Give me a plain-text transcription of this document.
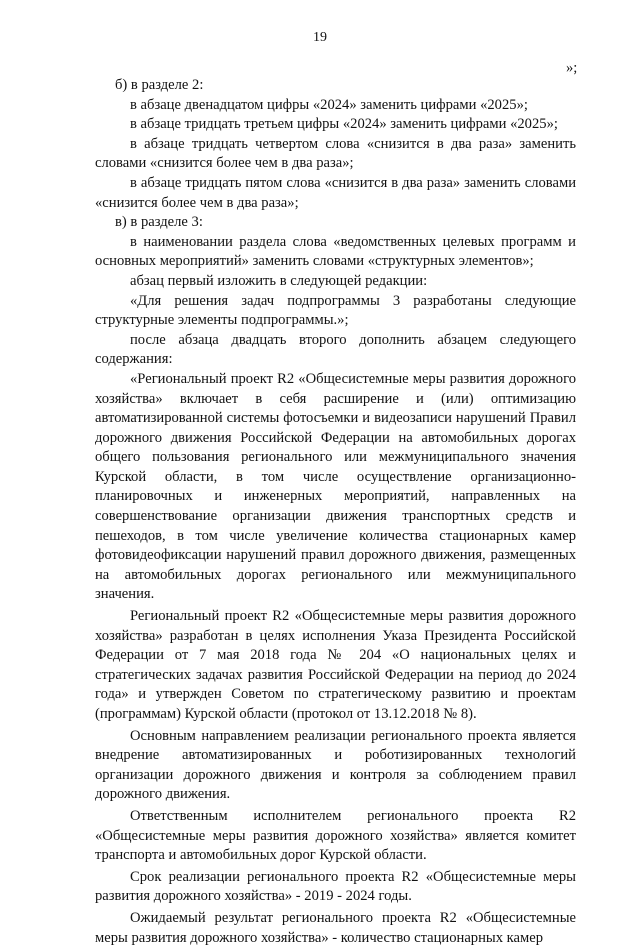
19
»;

б) в разделе 2:

в абзаце двенадцатом цифры «2024» заменить цифрами «2025»;

в абзаце тридцать третьем цифры «2024» заменить цифрами «2025»;

в абзаце тридцать четвертом слова «снизится в два раза» заменить словами «снизится более чем в два раза»;

в абзаце тридцать пятом слова «снизится в два раза» заменить словами «снизится более чем в два раза»;

в) в разделе 3:

в наименовании раздела слова «ведомственных целевых программ и основных мероприятий» заменить словами «структурных элементов»;

абзац первый изложить в следующей редакции:

«Для решения задач подпрограммы 3 разработаны следующие структурные элементы подпрограммы.»;

после абзаца двадцать второго дополнить абзацем следующего содержания:

«Региональный проект R2 «Общесистемные меры развития дорожного хозяйства» включает в себя расширение и (или) оптимизацию автоматизированной системы фотосъемки и видеозаписи нарушений Правил дорожного движения Российской Федерации на автомобильных дорогах общего пользования регионального или межмуниципального значения Курской области, в том числе осуществление организационно-планировочных и инженерных мероприятий, направленных на совершенствование организации движения транспортных средств и пешеходов, в том числе увеличение количества стационарных камер фотовидеофиксации нарушений правил дорожного движения, размещенных на автомобильных дорогах регионального или межмуниципального значения.

Региональный проект R2 «Общесистемные меры развития дорожного хозяйства» разработан в целях исполнения Указа Президента Российской Федерации от 7 мая 2018 года № 204 «О национальных целях и стратегических задачах развития Российской Федерации на период до 2024 года» и утвержден Советом по стратегическому развитию и проектам (программам) Курской области (протокол от 13.12.2018 № 8).

Основным направлением реализации регионального проекта является внедрение автоматизированных и роботизированных технологий организации дорожного движения и контроля за соблюдением правил дорожного движения.

Ответственным исполнителем регионального проекта R2 «Общесистемные меры развития дорожного хозяйства» является комитет транспорта и автомобильных дорог Курской области.

Срок реализации регионального проекта R2 «Общесистемные меры развития дорожного хозяйства» - 2019 - 2024 годы.

Ожидаемый результат регионального проекта R2 «Общесистемные меры развития дорожного хозяйства» - количество стационарных камер
